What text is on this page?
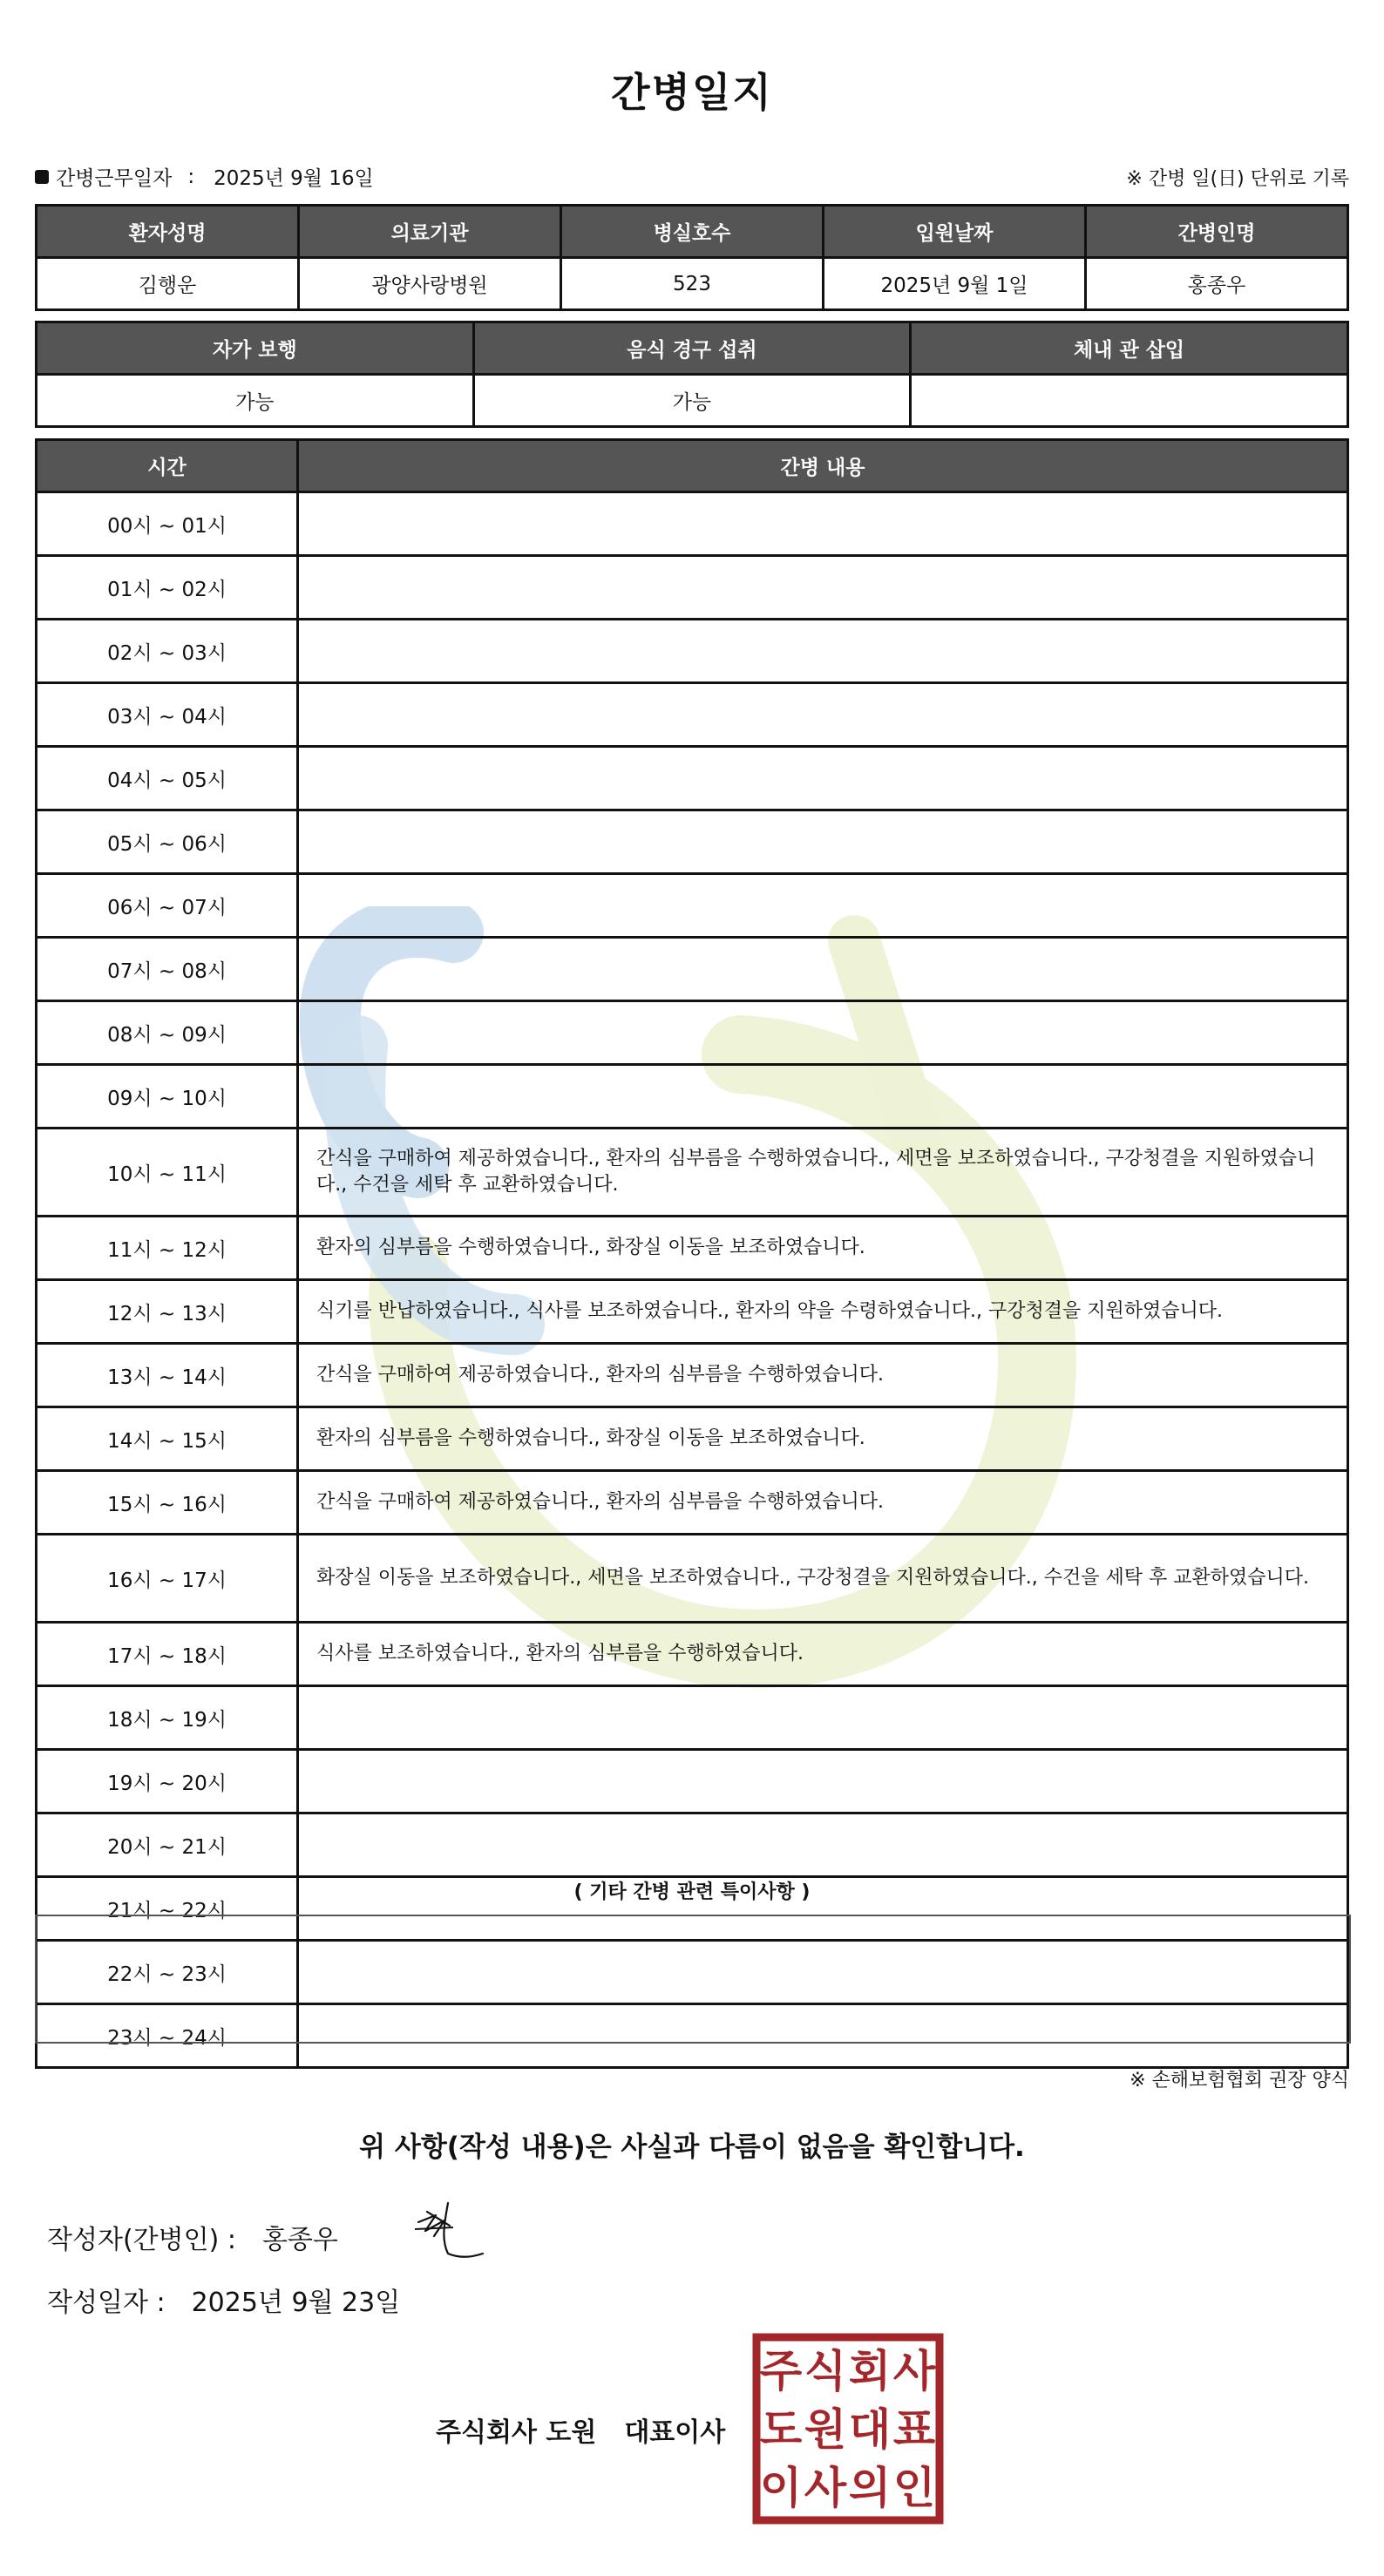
간병일지
간병근무일자 : 2025년 9월 16일	※ 간병 일(日) 단위로 기록
환자성명	의료기관	병실호수	입원날짜	간병인명
김행운	광양사랑병원	523	2025년 9월 1일	홍종우
자가 보행	음식 경구 섭취	체내 관 삽입
가능	가능	
시간	간병 내용
00시 ~ 01시	
01시 ~ 02시	
02시 ~ 03시	
03시 ~ 04시	
04시 ~ 05시	
05시 ~ 06시	
06시 ~ 07시	
07시 ~ 08시	
08시 ~ 09시	
09시 ~ 10시	
10시 ~ 11시	간식을 구매하여 제공하였습니다., 환자의 심부름을 수행하였습니다., 세면을 보조하였습니다., 구강청결을 지원하였습니다., 수건을 세탁 후 교환하였습니다.
11시 ~ 12시	환자의 심부름을 수행하였습니다., 화장실 이동을 보조하였습니다.
12시 ~ 13시	식기를 반납하였습니다., 식사를 보조하였습니다., 환자의 약을 수령하였습니다., 구강청결을 지원하였습니다.
13시 ~ 14시	간식을 구매하여 제공하였습니다., 환자의 심부름을 수행하였습니다.
14시 ~ 15시	환자의 심부름을 수행하였습니다., 화장실 이동을 보조하였습니다.
15시 ~ 16시	간식을 구매하여 제공하였습니다., 환자의 심부름을 수행하였습니다.
16시 ~ 17시	화장실 이동을 보조하였습니다., 세면을 보조하였습니다., 구강청결을 지원하였습니다., 수건을 세탁 후 교환하였습니다.
17시 ~ 18시	식사를 보조하였습니다., 환자의 심부름을 수행하였습니다.
18시 ~ 19시	
19시 ~ 20시	
20시 ~ 21시	
21시 ~ 22시	
22시 ~ 23시	
23시 ~ 24시	
( 기타 간병 관련 특이사항 )
※ 손해보험협회 권장 양식
위 사항(작성 내용)은 사실과 다름이 없음을 확인합니다.
작성자(간병인) : 홍종우
작성일자 : 2025년 9월 23일
주식회사 도원 대표이사
주 식 회 사
도 원 대 표
이 사 의 인
